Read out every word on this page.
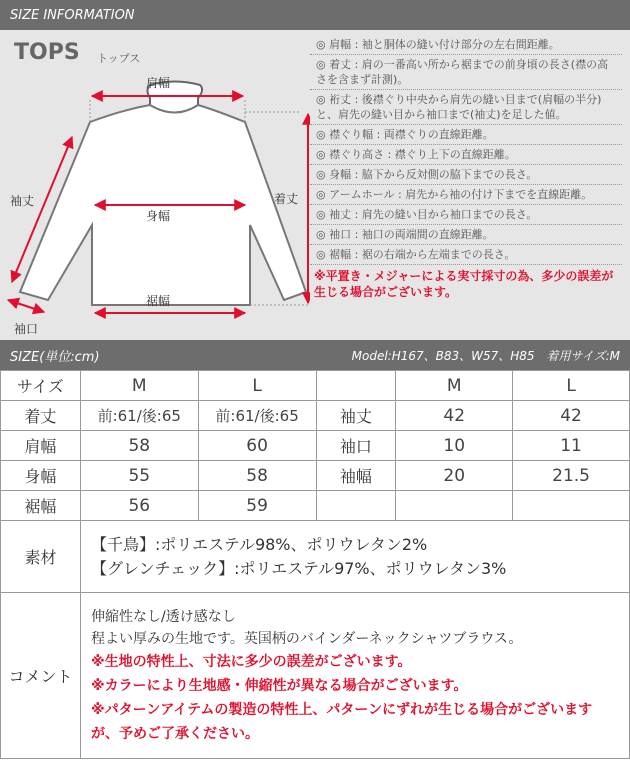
SIZE INFORMATION
TOPS トップス
肩幅
袖丈	着丈
身幅
裾幅
袖口
◎ 肩幅 : 袖と胴体の縫い付け部分の左右間距離。
◎ 着丈 : 肩の一番高い所から裾までの前身頃の長さ(襟の高さを含まず計測)。
◎ 裄丈 : 後襟ぐり中央から肩先の縫い目まで(肩幅の半分)と、肩先の縫い目から袖口まで(袖丈)を足した値。
◎ 襟ぐり幅 : 両襟ぐりの直線距離。
◎ 襟ぐり高さ : 襟ぐり上下の直線距離。
◎ 身幅 : 脇下から反対側の脇下までの長さ。
◎ アームホール : 肩先から袖の付け下までを直線距離。
◎ 袖丈 : 肩先の縫い目から袖口までの長さ。
◎ 袖口 : 袖口の両端間の直線距離。
◎ 裾幅 : 裾の右端から左端までの長さ。
※平置き・メジャーによる実寸採寸の為、多少の誤差が生じる場合がございます。
SIZE(単位:cm)	Model:H167、B83、W57、H85　着用サイズ:M
サイズ	M	L		M	L
着丈	前:61/後:65	前:61/後:65	袖丈	42	42
肩幅	58	60	袖口	10	11
身幅	55	58	袖幅	20	21.5
裾幅	56	59			
素材	【千鳥】:ポリエステル98%、ポリウレタン2%
【グレンチェック】:ポリエステル97%、ポリウレタン3%

コメント	伸縮性なし/透け感なし
程よい厚みの生地です。英国柄のバインダーネックシャツブラウス。
※生地の特性上、寸法に多少の誤差がございます。
※カラーにより生地感・伸縮性が異なる場合がございます。
※パターンアイテムの製造の特性上、パターンにずれが生じる場合がございますが、予めご了承ください。
